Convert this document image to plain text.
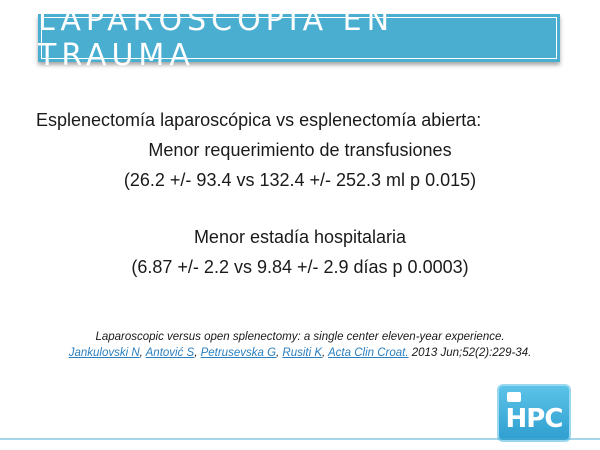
LAPAROSCOPIA EN TRAUMA
Esplenectomía laparoscópica vs esplenectomía abierta:
Menor requerimiento de transfusiones
(26.2 +/- 93.4 vs 132.4 +/- 252.3 ml p 0.015)
Menor estadía hospitalaria
(6.87 +/- 2.2 vs 9.84 +/- 2.9 días p 0.0003)
Laparoscopic versus open splenectomy: a single center eleven-year experience.
Jankulovski N, Antović S, Petrusevska G, Rusiti K, Acta Clin Croat. 2013 Jun;52(2):229-34.
HPC
